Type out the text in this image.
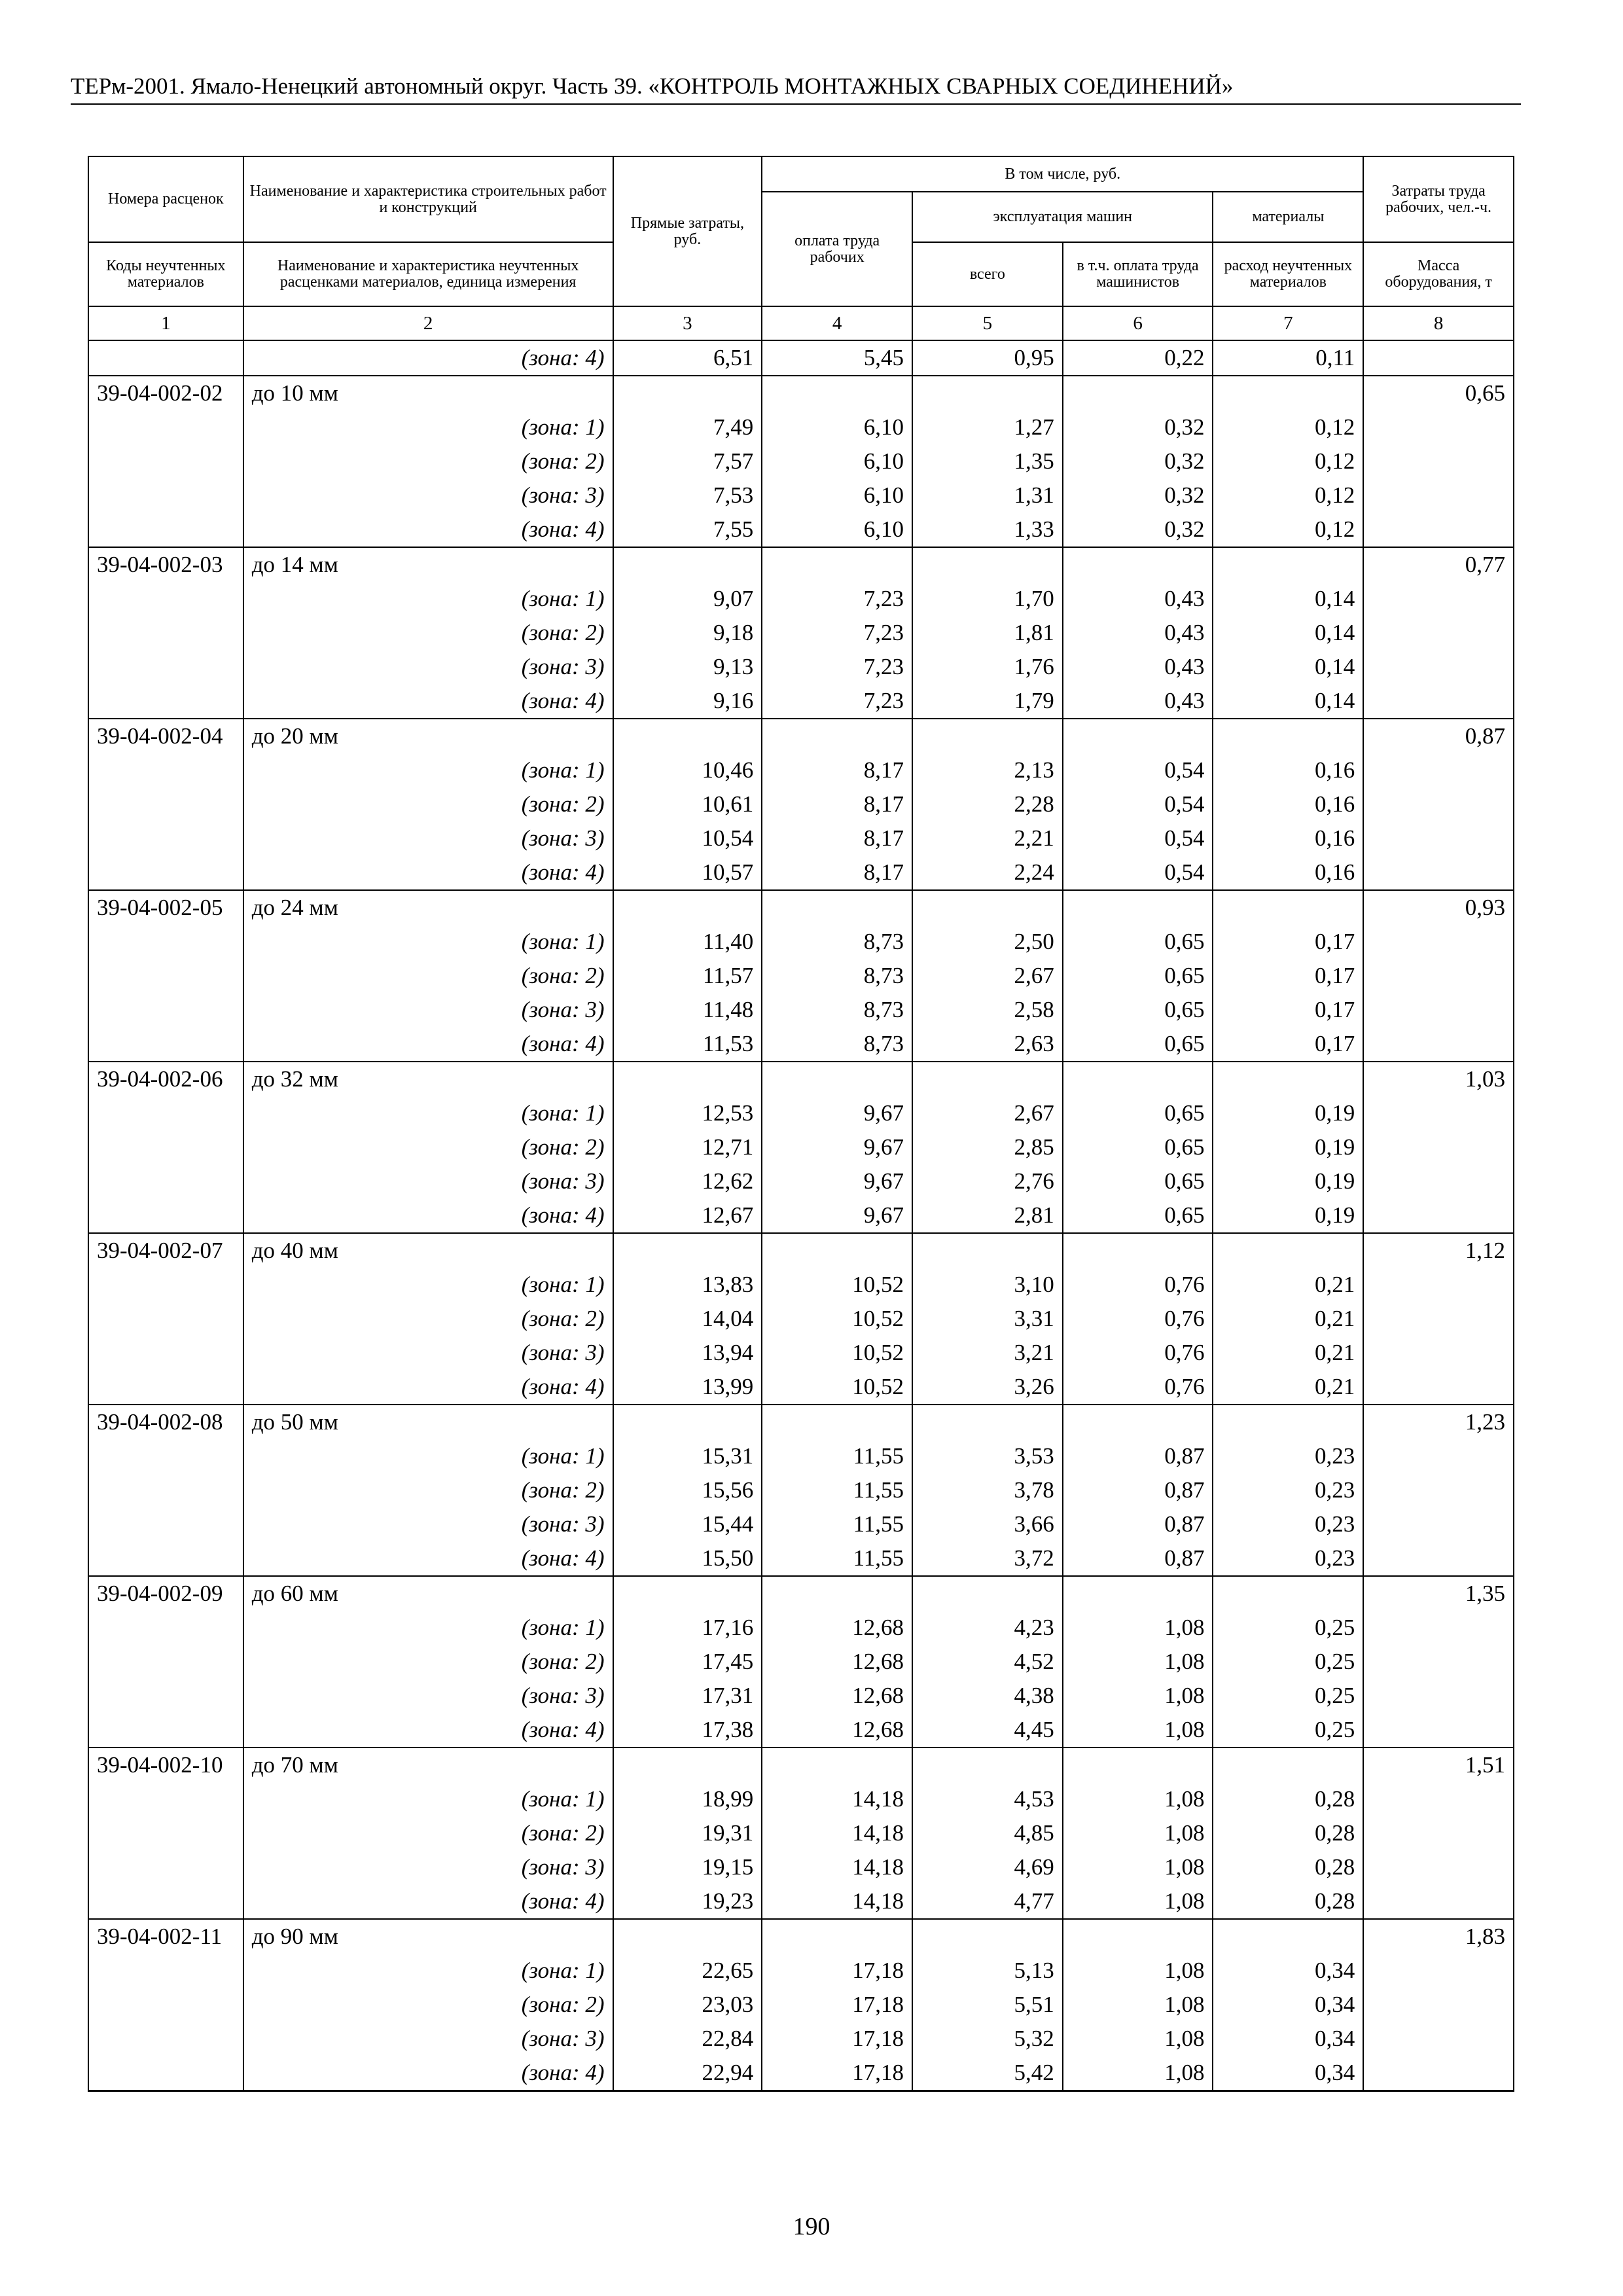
ТЕРм-2001. Ямало-Ненецкий автономный округ. Часть 39. «КОНТРОЛЬ МОНТАЖНЫХ СВАРНЫХ СОЕДИНЕНИЙ»
Номера расценок	Наименование и характеристика строительных работ и конструкций	Прямые затраты, руб.	В том числе, руб.				Затраты труда рабочих, чел.-ч.
			оплата труда рабочих	эксплуатация машин		материалы	
Коды неучтенных материалов	Наименование и характеристика неучтенных расценками материалов, единица измерения			всего	в т.ч. оплата труда машинистов	расход неучтенных материалов	Масса оборудования, т
1	2	3	4	5	6	7	8
	(зона: 4)	6,51	5,45	0,95	0,22	0,11	
39-04-002-02	до 10 мм						0,65
	(зона: 1)	7,49	6,10	1,27	0,32	0,12	
	(зона: 2)	7,57	6,10	1,35	0,32	0,12	
	(зона: 3)	7,53	6,10	1,31	0,32	0,12	
	(зона: 4)	7,55	6,10	1,33	0,32	0,12	
39-04-002-03	до 14 мм						0,77
	(зона: 1)	9,07	7,23	1,70	0,43	0,14	
	(зона: 2)	9,18	7,23	1,81	0,43	0,14	
	(зона: 3)	9,13	7,23	1,76	0,43	0,14	
	(зона: 4)	9,16	7,23	1,79	0,43	0,14	
39-04-002-04	до 20 мм						0,87
	(зона: 1)	10,46	8,17	2,13	0,54	0,16	
	(зона: 2)	10,61	8,17	2,28	0,54	0,16	
	(зона: 3)	10,54	8,17	2,21	0,54	0,16	
	(зона: 4)	10,57	8,17	2,24	0,54	0,16	
39-04-002-05	до 24 мм						0,93
	(зона: 1)	11,40	8,73	2,50	0,65	0,17	
	(зона: 2)	11,57	8,73	2,67	0,65	0,17	
	(зона: 3)	11,48	8,73	2,58	0,65	0,17	
	(зона: 4)	11,53	8,73	2,63	0,65	0,17	
39-04-002-06	до 32 мм						1,03
	(зона: 1)	12,53	9,67	2,67	0,65	0,19	
	(зона: 2)	12,71	9,67	2,85	0,65	0,19	
	(зона: 3)	12,62	9,67	2,76	0,65	0,19	
	(зона: 4)	12,67	9,67	2,81	0,65	0,19	
39-04-002-07	до 40 мм						1,12
	(зона: 1)	13,83	10,52	3,10	0,76	0,21	
	(зона: 2)	14,04	10,52	3,31	0,76	0,21	
	(зона: 3)	13,94	10,52	3,21	0,76	0,21	
	(зона: 4)	13,99	10,52	3,26	0,76	0,21	
39-04-002-08	до 50 мм						1,23
	(зона: 1)	15,31	11,55	3,53	0,87	0,23	
	(зона: 2)	15,56	11,55	3,78	0,87	0,23	
	(зона: 3)	15,44	11,55	3,66	0,87	0,23	
	(зона: 4)	15,50	11,55	3,72	0,87	0,23	
39-04-002-09	до 60 мм						1,35
	(зона: 1)	17,16	12,68	4,23	1,08	0,25	
	(зона: 2)	17,45	12,68	4,52	1,08	0,25	
	(зона: 3)	17,31	12,68	4,38	1,08	0,25	
	(зона: 4)	17,38	12,68	4,45	1,08	0,25	
39-04-002-10	до 70 мм						1,51
	(зона: 1)	18,99	14,18	4,53	1,08	0,28	
	(зона: 2)	19,31	14,18	4,85	1,08	0,28	
	(зона: 3)	19,15	14,18	4,69	1,08	0,28	
	(зона: 4)	19,23	14,18	4,77	1,08	0,28	
39-04-002-11	до 90 мм						1,83
	(зона: 1)	22,65	17,18	5,13	1,08	0,34	
	(зона: 2)	23,03	17,18	5,51	1,08	0,34	
	(зона: 3)	22,84	17,18	5,32	1,08	0,34	
	(зона: 4)	22,94	17,18	5,42	1,08	0,34	
190
